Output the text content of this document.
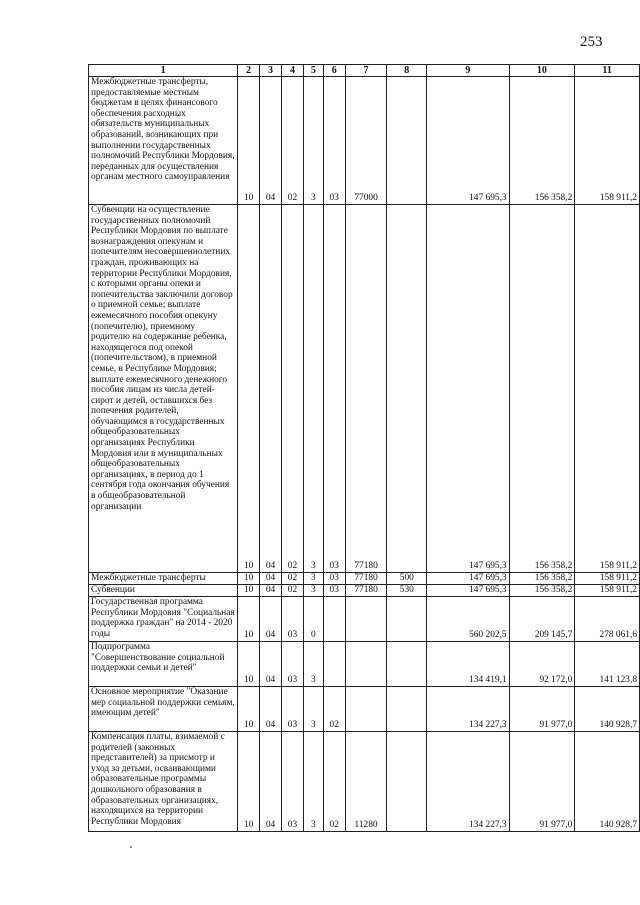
253
1	2	3	4	5	6	7	8	9	10	11
Межбюджетные трансферты, предоставляемые местным бюджетам в целях финансового обеспечения расходных обязательств муниципальных образований, возникающих при выполнении государственных полномочий Республики Мордовия, переданных для осуществления органам местного самоуправления	10	04	02	3	03	77000		147 695,3	156 358,2	158 911,2
Субвенции на осуществление государственных полномочий Республики Мордовия по выплате вознаграждения опекунам и попечителям несовершеннолетних граждан, проживающих на территории Республики Мордовия, с которыми органы опеки и попечительства заключили договор о приемной семье; выплате ежемесячного пособия опекуну (попечителю), приемному родителю на содержание ребенка, находящегося под опекой (попечительством), в приемной семье, в Республике Мордовия; выплате ежемесячного денежного пособия лицам из числа детей-сирот и детей, оставшихся без попечения родителей, обучающимся в государственных общеобразовательных организациях Республики Мордовия или в муниципальных общеобразовательных организациях, в период до 1 сентября года окончания обучения в общеобразовательной организации	10	04	02	3	03	77180		147 695,3	156 358,2	158 911,2
Межбюджетные трансферты	10	04	02	3	03	77180	500	147 695,3	156 358,2	158 911,2
Субвенции	10	04	02	3	03	77180	530	147 695,3	156 358,2	158 911,2
Государственная программа Республики Мордовия "Социальная поддержка граждан" на 2014 - 2020 годы	10	04	03	0				560 202,5	209 145,7	278 061,6
Подпрограмма "Совершенствование социальной поддержки семьи и детей"	10	04	03	3				134 419,1	92 172,0	141 123,8
Основное мероприятие "Оказание мер социальной поддержки семьям, имеющим детей"	10	04	03	3	02			134 227,3	91 977,0	140 928,7
Компенсация платы, взимаемой с родителей (законных представителей) за присмотр и уход за детьми, осваивающими образовательные программы дошкольного образования в образовательных организациях, находящихся на территории Республики Мордовия	10	04	03	3	02	11280		134 227,3	91 977,0	140 928,7
